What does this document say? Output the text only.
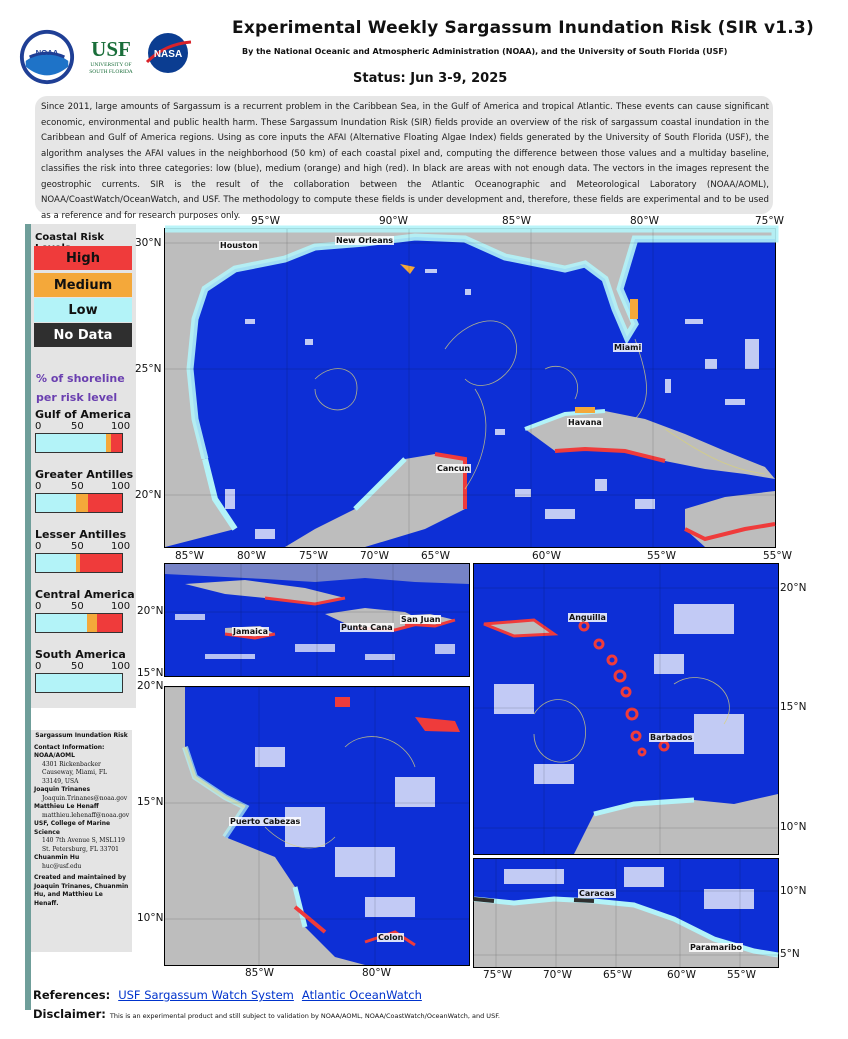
NOAA USF
UNIVERSITY OF
SOUTH FLORIDA
NASA
Experimental Weekly Sargassum Inundation Risk (SIR v1.3)
By the National Oceanic and Atmospheric Administration (NOAA), and the University of South Florida (USF)
Status: Jun 3-9, 2025
Since 2011, large amounts of Sargassum is a recurrent problem in the Caribbean Sea, in the Gulf of America and tropical Atlantic. These events can cause significant economic, environmental and public health harm. These Sargassum Inundation Risk (SIR) fields provide an overview of the risk of sargassum coastal inundation in the Caribbean and Gulf of America regions. Using as core inputs the AFAI (Alternative Floating Algae Index) fields generated by the University of South Florida (USF), the algorithm analyses the AFAI values in the neighborhood (50 km) of each coastal pixel and, computing the difference between those values and a multiday baseline, classifies the risk into three categories: low (blue), medium (orange) and high (red). In black are areas with not enough data. The vectors in the images represent the geostrophic currents. SIR is the result of the collaboration between the Atlantic Oceanographic and Meteorological Laboratory (NOAA/AOML), NOAA/CoastWatch/OceanWatch, and USF. The methodology to compute these fields is under development and, therefore, these fields are experimental and to be used as a reference and for research purposes only.
Coastal Risk
High
Medium
Low
No Data
% of shoreline
per risk level
Gulf of America
0	50	100
Greater Antilles
0	50	100
Lesser Antilles
0	50	100
Central America
0	50	100
South America
0	50	100
Sargassum Inundation Risk
Contact Information:
NOAA/AOML
4301 Rickenbacker
Causeway, Miami, FL
33149, USA
Joaquin Trinanes
Joaquin.Trinanes@noaa.gov
Matthieu Le Henaff
matthieu.lehenaff@noaa.gov
USF, College of Marine Science
140 7th Avenue S, MSL119
St. Petersburg, FL 33701
Chuanmin Hu
huc@usf.edu
Created and maintained by Joaquin Trinanes, Chuanmin Hu, and Matthieu Le Henaff.
Houston
New Orleans
Miami
Havana
Cancun
Jamaica	Punta Cana
San Juan
Puerto Cabezas
Colon
Anguilla
Barbados
Caracas
Paramaribo
95°W	90°W	85°W	80°W	75°W
30°N
25°N
20°N
85°W	80°W	75°W	70°W	65°W	60°W	55°W	55°W
20°N
15°N
20°N
15°N
10°N
85°W	80°W
20°N
15°N
10°N
10°N
5°N
75°W	70°W	65°W	60°W	55°W
References: USF Sargassum Watch System Atlantic OceanWatch
Disclaimer: This is an experimental product and still subject to validation by NOAA/AOML, NOAA/CoastWatch/OceanWatch, and USF.
